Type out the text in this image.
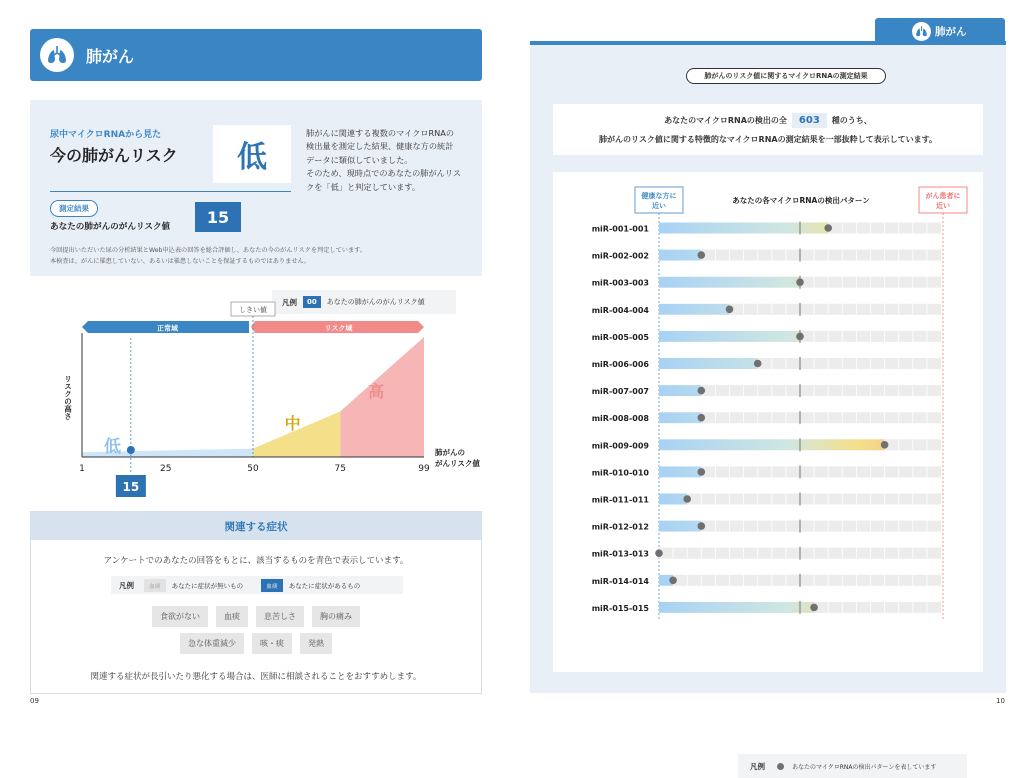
肺がん
尿中マイクロRNAから見た
今の肺がんリスク	低
肺がんに関連する複数のマイクロRNAの
検出量を測定した結果、健康な方の統計
データに類似していました。
そのため、現時点でのあなたの肺がんリス
クを「低」と判定しています。
測定結果
あなたの肺がんのがんリスク値
15
今回提出いただいた尿の分析結果とWeb申込表の回答を総合評価し、あなたの今のがんリスクを判定しています。
本検査は、がんに罹患していない、あるいは罹患しないことを保証するものではありません。
凡例	00	あなたの肺がんのがんリスク値
正常域	リスク域
しきい値
低
中
高
リスクの高さ
1	25	50	75	99
肺がんの
がんリスク値
15
関連する症状
アンケートでのあなたの回答をもとに、該当するものを青色で表示しています。
凡例	血痰	あなたに症状が無いもの	血痰	あなたに症状があるもの
食欲がない	血痰	息苦しさ	胸の痛み
急な体重減少	咳・痰	発熱
関連する症状が長引いたり悪化する場合は、医師に相談されることをおすすめします。
09
肺がん
肺がんのリスク値に関するマイクロRNAの測定結果
あなたのマイクロRNAの検出の全	603	種のうち、
肺がんのリスク値に関する特徴的なマイクロRNAの測定結果を一部抜粋して表示しています。
健康な方に
近い
がん患者に
近い
あなたの各マイクロRNAの検出パターン
miR-001-001
miR-002-002
miR-003-003
miR-004-004
miR-005-005
miR-006-006
miR-007-007
miR-008-008
miR-009-009
miR-010-010
miR-011-011
miR-012-012
miR-013-013
miR-014-014
miR-015-015
凡例	あなたのマイクロRNAの検出パターンを表しています
10
